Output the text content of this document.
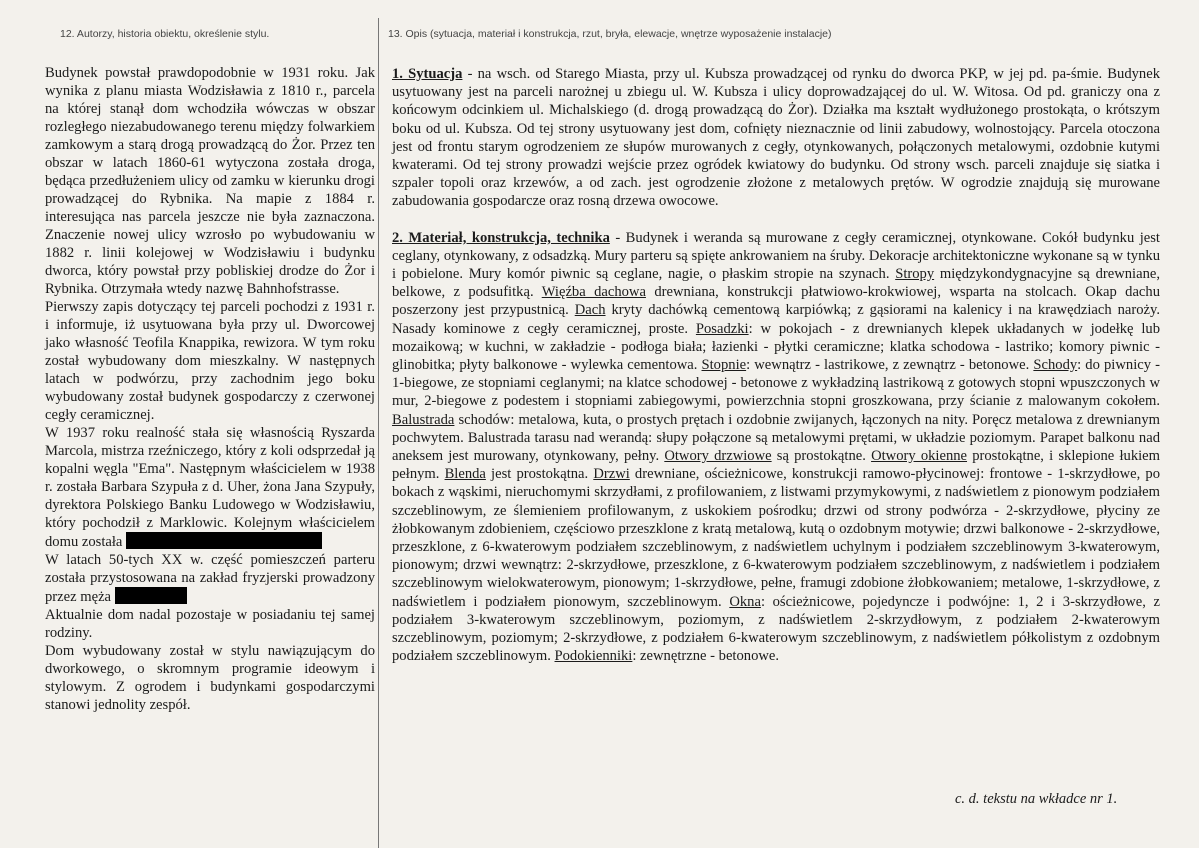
12. Autorzy, historia obiektu, określenie stylu.	13. Opis (sytuacja, materiał i konstrukcja, rzut, bryła, elewacje, wnętrze wyposażenie instalacje)

Budynek powstał prawdopodobnie w 1931 roku. Jak wynika z planu miasta Wodzisławia z 1810 r., parcela na której stanął dom wchodziła wówczas w obszar rozległego niezabudowanego terenu między folwarkiem zamkowym a starą drogą prowadzącą do Żor. Przez ten obszar w latach 1860-61 wytyczona została droga, będąca przedłużeniem ulicy od zamku w kierunku drogi prowadzącej do Rybnika. Na mapie z 1884 r. interesująca nas parcela jeszcze nie była zaznaczona. Znaczenie nowej ulicy wzrosło po wybudowaniu w 1882 r. linii kolejowej w Wodzisławiu i budynku dworca, który powstał przy pobliskiej drodze do Żor i Rybnika. Otrzymała wtedy nazwę Bahnhofstrasse.

Pierwszy zapis dotyczący tej parceli pochodzi z 1931 r. i informuje, iż usytuowana była przy ul. Dworcowej jako własność Teofila Knappika, rewizora. W tym roku został wybudowany dom mieszkalny. W następnych latach w podwórzu, przy zachodnim jego boku wybudowany został budynek gospodarczy z czerwonej cegły ceramicznej.

W 1937 roku realność stała się własnością Ryszarda Marcola, mistrza rzeźniczego, który z koli odsprzedał ją kopalni węgla "Ema". Następnym właścicielem w 1938 r. została Barbara Szypuła z d. Uher, żona Jana Szypuły, dyrektora Polskiego Banku Ludowego w Wodzisławiu, który pochodził z Marklowic. Kolejnym właścicielem domu została

W latach 50-tych XX w. część pomieszczeń parteru została przystosowana na zakład fryzjerski prowadzony przez męża

Aktualnie dom nadal pozostaje w posiadaniu tej samej rodziny.

Dom wybudowany został w stylu nawiązującym do dworkowego, o skromnym programie ideowym i stylowym. Z ogrodem i budynkami gospodarczymi stanowi jednolity zespół.

1. Sytuacja - na wsch. od Starego Miasta, przy ul. Kubsza prowadzącej od rynku do dworca PKP, w jej pd. pa-śmie. Budynek usytuowany jest na parceli narożnej u zbiegu ul. W. Kubsza i ulicy doprowadzającej do ul. W. Witosa. Od pd. graniczy ona z końcowym odcinkiem ul. Michalskiego (d. drogą prowadzącą do Żor). Działka ma kształt wydłużonego prostokąta, o krótszym boku od ul. Kubsza. Od tej strony usytuowany jest dom, cofnięty nieznacznie od linii zabudowy, wolnostojący. Parcela otoczona jest od frontu starym ogrodzeniem ze słupów murowanych z cegły, otynkowanych, połączonych metalowymi, ozdobnie kutymi kwaterami. Od tej strony prowadzi wejście przez ogródek kwiatowy do budynku. Od strony wsch. parceli znajduje się siatka i szpaler topoli oraz krzewów, a od zach. jest ogrodzenie złożone z metalowych prętów. W ogrodzie znajdują się murowane zabudowania gospodarcze oraz rosną drzewa owocowe.

2. Materiał, konstrukcja, technika - Budynek i weranda są murowane z cegły ceramicznej, otynkowane. Cokół budynku jest ceglany, otynkowany, z odsadzką. Mury parteru są spięte ankrowaniem na śruby. Dekoracje architektoniczne wykonane są w tynku i pobielone. Mury komór piwnic są ceglane, nagie, o płaskim stropie na szynach. Stropy międzykondygnacyjne są drewniane, belkowe, z podsufitką. Więźba dachowa drewniana, konstrukcji płatwiowo-krokwiowej, wsparta na stolcach. Okap dachu poszerzony jest przypustnicą. Dach kryty dachówką cementową karpiówką; z gąsiorami na kalenicy i na krawędziach naroży. Nasady kominowe z cegły ceramicznej, proste. Posadzki: w pokojach - z drewnianych klepek układanych w jodełkę lub mozaikową; w kuchni, w zakładzie - podłoga biała; łazienki - płytki ceramiczne; klatka schodowa - lastriko; komory piwnic -glinobitka; płyty balkonowe - wylewka cementowa. Stopnie: wewnątrz - lastrikowe, z zewnątrz - betonowe. Schody: do piwnicy - 1-biegowe, ze stopniami ceglanymi; na klatce schodowej - betonowe z wykładziną lastrikową z gotowych stopni wpuszczonych w mur, 2-biegowe z podestem i stopniami zabiegowymi, powierzchnia stopni groszkowana, przy ścianie z malowanym cokołem. Balustrada schodów: metalowa, kuta, o prostych prętach i ozdobnie zwijanych, łączonych na nity. Poręcz metalowa z drewnianym pochwytem. Balustrada tarasu nad werandą: słupy połączone są metalowymi prętami, w układzie poziomym. Parapet balkonu nad aneksem jest murowany, otynkowany, pełny. Otwory drzwiowe są prostokątne. Otwory okienne prostokątne, i sklepione łukiem pełnym. Blenda jest prostokątna. Drzwi drewniane, ościeżnicowe, konstrukcji ramowo-płycinowej: frontowe - 1-skrzydłowe, po bokach z wąskimi, nieruchomymi skrzydłami, z profilowaniem, z listwami przymykowymi, z nadświetlem z pionowym podziałem szczeblinowym, ze ślemieniem profilowanym, z uskokiem pośrodku; drzwi od strony podwórza - 2-skrzydłowe, płyciny ze żłobkowanym zdobieniem, częściowo przeszklone z kratą metalową, kutą o ozdobnym motywie; drzwi balkonowe - 2-skrzydłowe, przeszklone, z 6-kwaterowym podziałem szczeblinowym, z nadświetlem uchylnym i podziałem szczeblinowym 3-kwaterowym, pionowym; drzwi wewnątrz: 2-skrzydłowe, przeszklone, z 6-kwaterowym podziałem szczeblinowym, z nadświetlem i podziałem szczeblinowym wielokwaterowym, pionowym; 1-skrzydłowe, pełne, framugi zdobione żłobkowaniem; metalowe, 1-skrzydłowe, z nadświetlem i podziałem pionowym, szczeblinowym. Okna: ościeżnicowe, pojedyncze i podwójne: 1, 2 i 3-skrzydłowe, z podziałem 3-kwaterowym szczeblinowym, poziomym, z nadświetlem 2-skrzydłowym, z podziałem 2-kwaterowym szczeblinowym, poziomym; 2-skrzydłowe, z podziałem 6-kwaterowym szczeblinowym, z nadświetlem półkolistym z ozdobnym podziałem szczeblinowym. Podokienniki: zewnętrzne - betonowe.

c. d. tekstu na wkładce nr 1.
